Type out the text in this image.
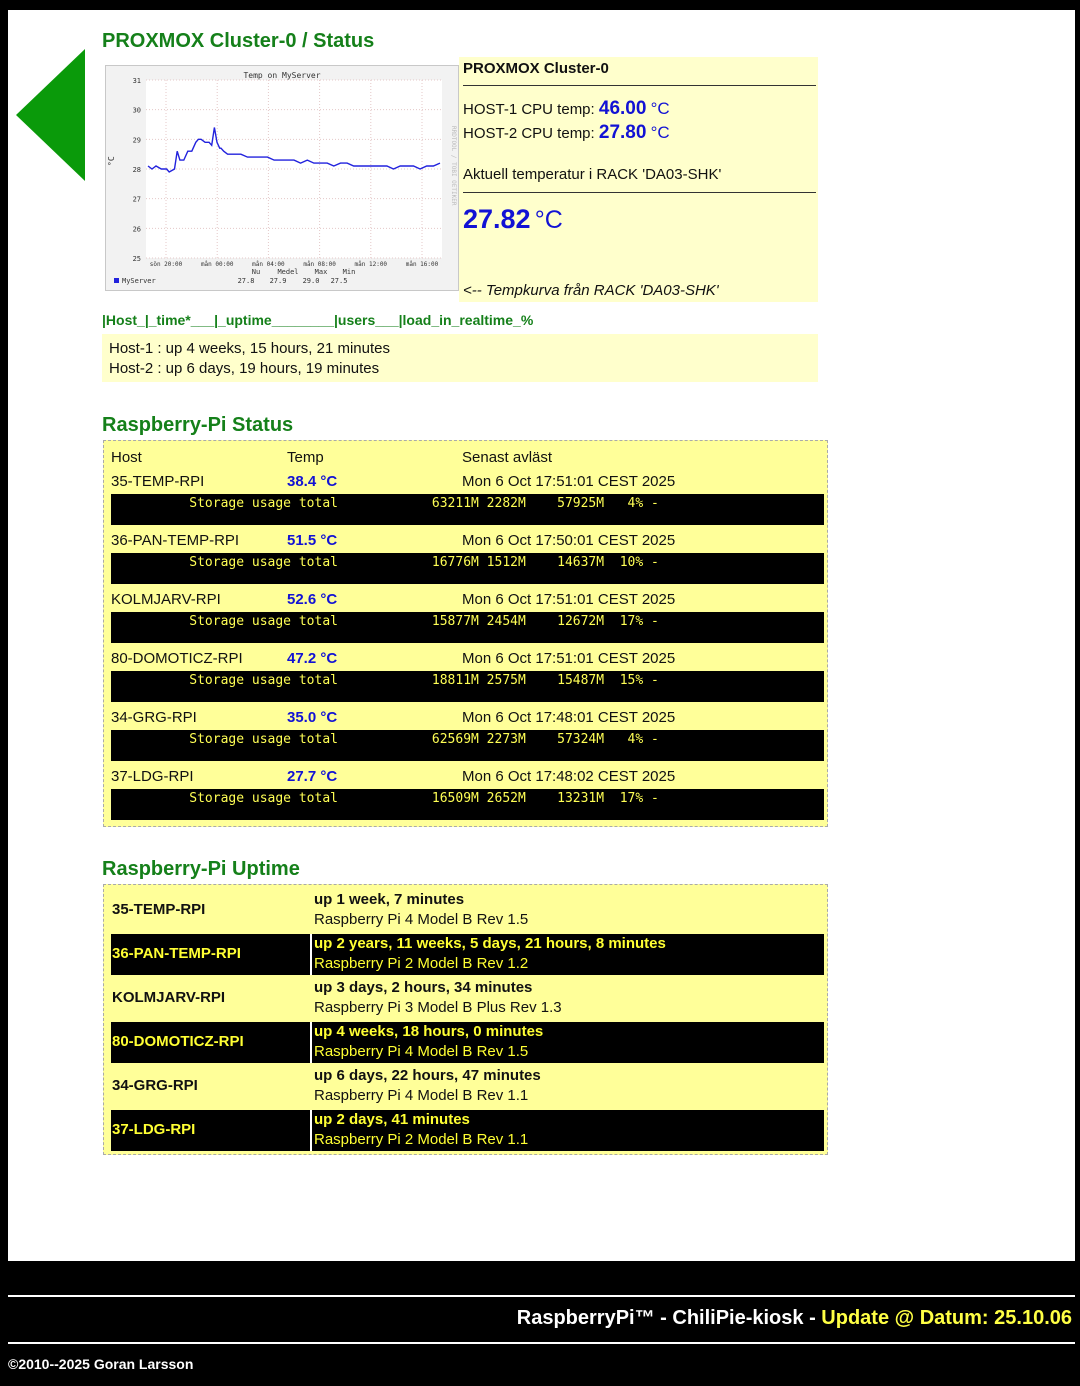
PROXMOX Cluster-0 / Status
Temp on MyServer
°C
31
30
29
28
27
26
25
sön 20:00	mån 00:00	mån 04:00	mån 08:00	mån 12:00	mån 16:00
MyServer
Nu
27.8
Medel
27.9
Max
29.0
Min
27.5
RRDTOOL / TOBI OETIKER
PROXMOX Cluster-0
HOST-1 CPU temp: 46.00 °C
HOST-2 CPU temp: 27.80 °C
Aktuell temperatur i RACK 'DA03-SHK'
27.82 °C
<-- Tempkurva från RACK 'DA03-SHK'
|Host_|_time*___|_uptime________|users___|load_in_realtime_%
Host-1 : up 4 weeks, 15 hours, 21 minutes
Host-2 : up 6 days, 19 hours, 19 minutes
Raspberry-Pi Status
Host	Temp	Senast avläst
35-TEMP-RPI	38.4 °C	Mon 6 Oct 17:51:01 CEST 2025
Storage usage total            63211M 2282M    57925M   4% -
36-PAN-TEMP-RPI	51.5 °C	Mon 6 Oct 17:50:01 CEST 2025
Storage usage total            16776M 1512M    14637M  10% -
KOLMJARV-RPI	52.6 °C	Mon 6 Oct 17:51:01 CEST 2025
Storage usage total            15877M 2454M    12672M  17% -
80-DOMOTICZ-RPI	47.2 °C	Mon 6 Oct 17:51:01 CEST 2025
Storage usage total            18811M 2575M    15487M  15% -
34-GRG-RPI	35.0 °C	Mon 6 Oct 17:48:01 CEST 2025
Storage usage total            62569M 2273M    57324M   4% -
37-LDG-RPI	27.7 °C	Mon 6 Oct 17:48:02 CEST 2025
Storage usage total            16509M 2652M    13231M  17% -
Raspberry-Pi Uptime
35-TEMP-RPI
up 1 week, 7 minutes
Raspberry Pi 4 Model B Rev 1.5
36-PAN-TEMP-RPI
up 2 years, 11 weeks, 5 days, 21 hours, 8 minutes
Raspberry Pi 2 Model B Rev 1.2
KOLMJARV-RPI
up 3 days, 2 hours, 34 minutes
Raspberry Pi 3 Model B Plus Rev 1.3
80-DOMOTICZ-RPI
up 4 weeks, 18 hours, 0 minutes
Raspberry Pi 4 Model B Rev 1.5
34-GRG-RPI
up 6 days, 22 hours, 47 minutes
Raspberry Pi 4 Model B Rev 1.1
37-LDG-RPI
up 2 days, 41 minutes
Raspberry Pi 2 Model B Rev 1.1
RaspberryPi™ - ChiliPie-kiosk - Update @ Datum: 25.10.06
©2010--2025 Goran Larsson
